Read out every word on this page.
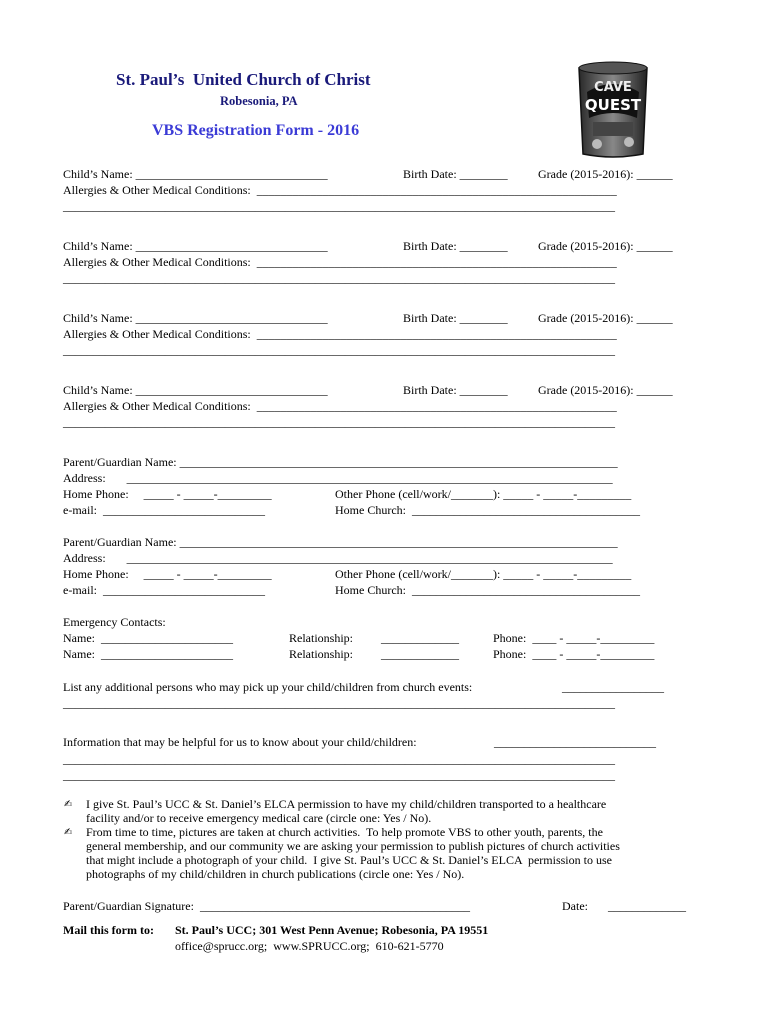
St. Paul’s  United Church of Christ
Robesonia, PA
VBS Registration Form - 2016
CAVE
QUEST
Child’s Name: ________________________________	Birth Date: ________	Grade (2015-2016): ______
Allergies & Other Medical Conditions:  ____________________________________________________________
____________________________________________________________________________________________
Child’s Name: ________________________________	Birth Date: ________	Grade (2015-2016): ______
Allergies & Other Medical Conditions:  ____________________________________________________________
____________________________________________________________________________________________
Child’s Name: ________________________________	Birth Date: ________	Grade (2015-2016): ______
Allergies & Other Medical Conditions:  ____________________________________________________________
____________________________________________________________________________________________
Child’s Name: ________________________________	Birth Date: ________	Grade (2015-2016): ______
Allergies & Other Medical Conditions:  ____________________________________________________________
____________________________________________________________________________________________
Parent/Guardian Name: _________________________________________________________________________
Address:       _________________________________________________________________________________
Home Phone:     _____ - _____-_________	Other Phone (cell/work/_______): _____ - _____-_________
e-mail:  ___________________________	Home Church:  ______________________________________
Parent/Guardian Name: _________________________________________________________________________
Address:       _________________________________________________________________________________
Home Phone:     _____ - _____-_________	Other Phone (cell/work/_______): _____ - _____-_________
e-mail:  ___________________________	Home Church:  ______________________________________
Emergency Contacts:
Name:  ______________________	Relationship: _____________	Phone:  ____ - _____-_________
Name:  ______________________	Relationship: _____________	Phone:  ____ - _____-_________
List any additional persons who may pick up your child/children from church events:	_________________
____________________________________________________________________________________________
Information that may be helpful for us to know about your child/children:	___________________________
____________________________________________________________________________________________
____________________________________________________________________________________________
✍ I give St. Paul’s UCC & St. Daniel’s ELCA permission to have my child/children transported to a healthcare
facility and/or to receive emergency medical care (circle one: Yes / No).
✍ From time to time, pictures are taken at church activities.  To help promote VBS to other youth, parents, the
general membership, and our community we are asking your permission to publish pictures of church activities
that might include a photograph of your child.  I give St. Paul’s UCC & St. Daniel’s ELCA  permission to use
photographs of my child/children in church publications (circle one: Yes / No).
Parent/Guardian Signature:  _____________________________________________	Date: _____________
Mail this form to: St. Paul’s UCC; 301 West Penn Avenue; Robesonia, PA 19551
office@sprucc.org;  www.SPRUCC.org;  610-621-5770
